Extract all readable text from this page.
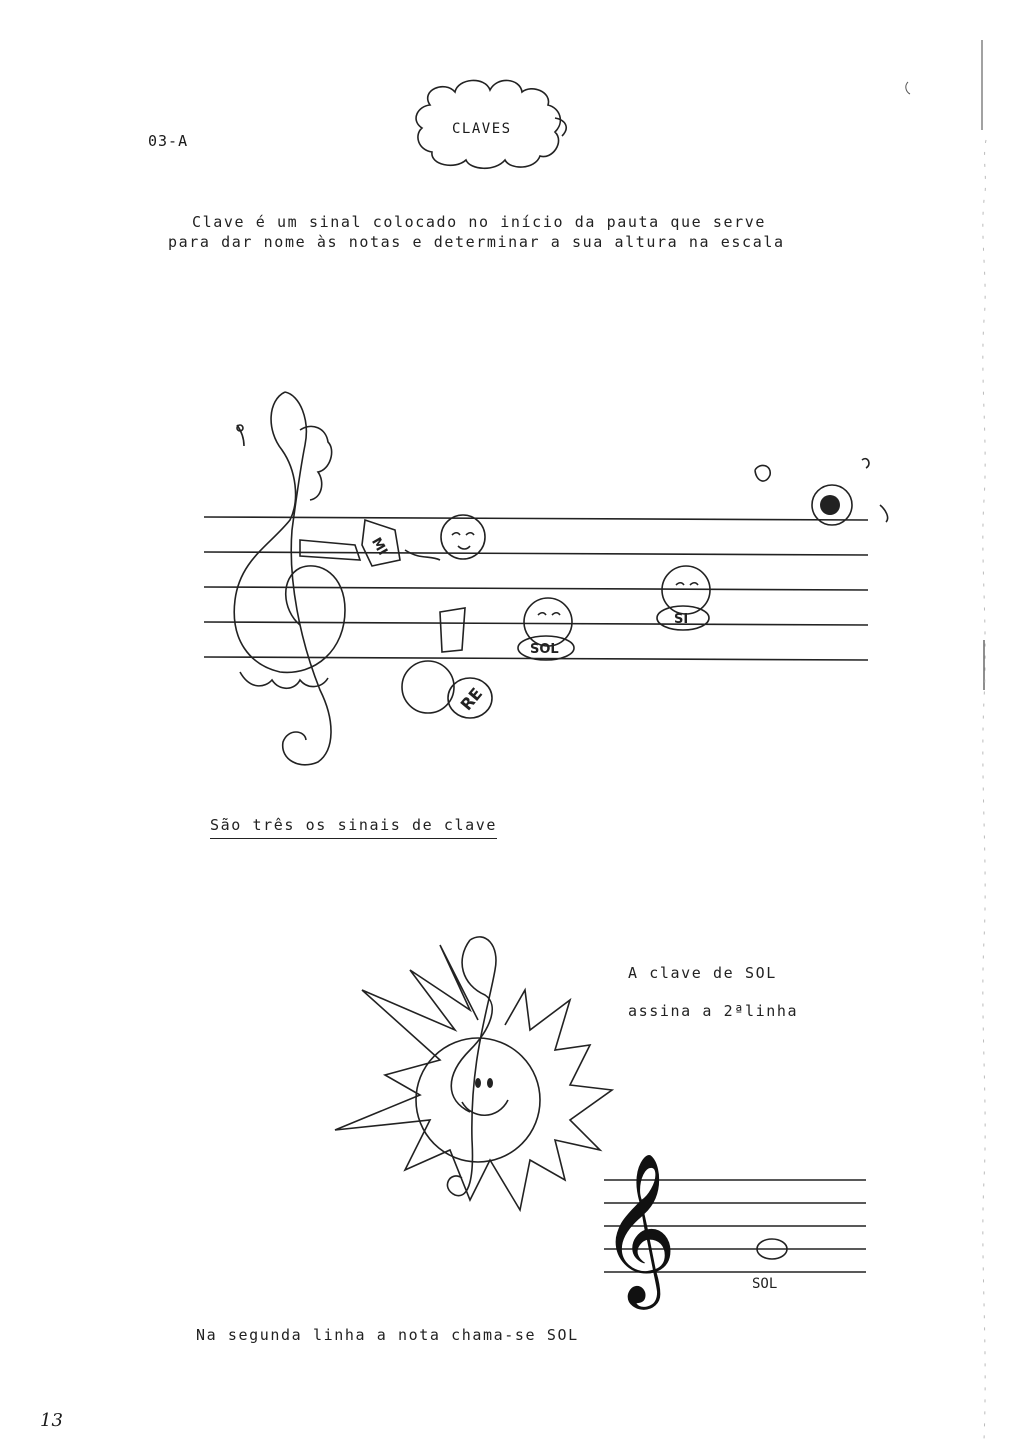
03-A
CLAVES
Clave é um sinal colocado no início da pauta que serve
para dar nome às notas e determinar a sua altura na escala
MI
SOL
SI
RE
São três os sinais de clave
A clave de SOL
assina a 2ªlinha
𝄞	SOL
Na segunda linha a nota chama-se SOL
13
